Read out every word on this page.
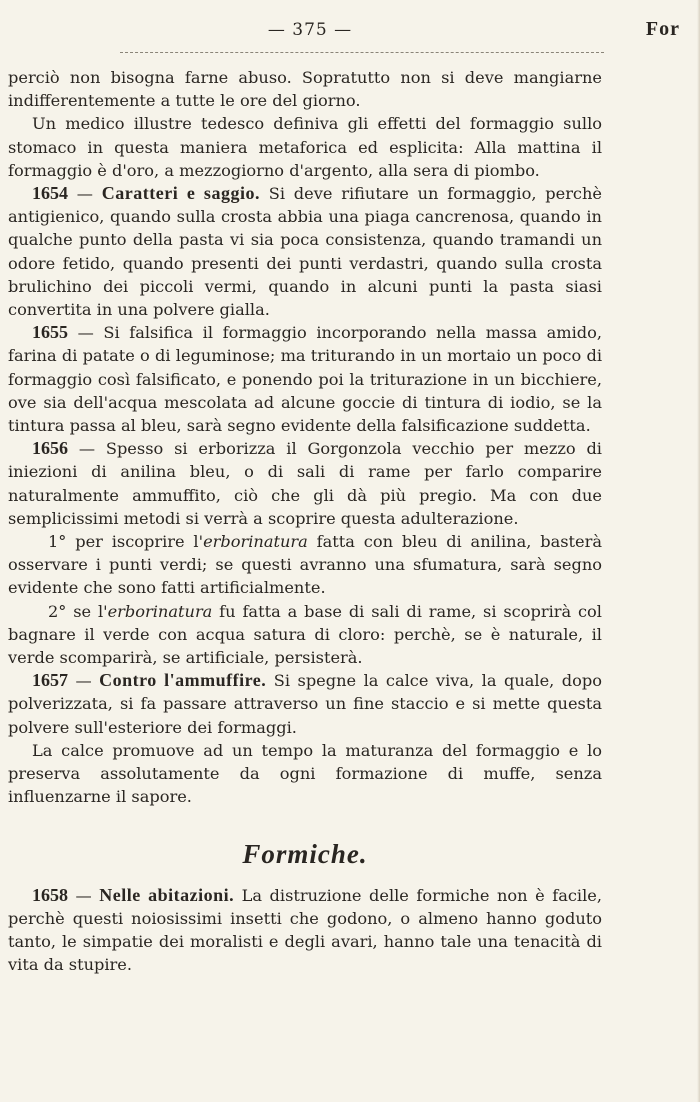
— 375 —	For

perciò non bisogna farne abuso. Sopratutto non si deve mangiarne indifferentemente a tutte le ore del giorno.

Un medico illustre tedesco definiva gli effetti del formaggio sullo stomaco in questa maniera metaforica ed esplicita: Alla mattina il formaggio è d'oro, a mezzogiorno d'argento, alla sera di piombo.

1654 — Caratteri e saggio. Si deve rifiutare un formaggio, perchè antigienico, quando sulla crosta abbia una piaga cancrenosa, quando in qualche punto della pasta vi sia poca consistenza, quando tramandi un odore fetido, quando presenti dei punti verdastri, quando sulla crosta brulichino dei piccoli vermi, quando in alcuni punti la pasta siasi convertita in una polvere gialla.

1655 — Si falsifica il formaggio incorporando nella massa amido, farina di patate o di leguminose; ma triturando in un mortaio un poco di formaggio così falsificato, e ponendo poi la triturazione in un bicchiere, ove sia dell'acqua mescolata ad alcune goccie di tintura di iodio, se la tintura passa al bleu, sarà segno evidente della falsificazione suddetta.

1656 — Spesso si erborizza il Gorgonzola vecchio per mezzo di iniezioni di anilina bleu, o di sali di rame per farlo comparire naturalmente ammuffito, ciò che gli dà più pregio. Ma con due semplicissimi metodi si verrà a scoprire questa adulterazione.

1° per iscoprire l'erborinatura fatta con bleu di anilina, basterà osservare i punti verdi; se questi avranno una sfumatura, sarà segno evidente che sono fatti artificialmente.

2° se l'erborinatura fu fatta a base di sali di rame, si scoprirà col bagnare il verde con acqua satura di cloro: perchè, se è naturale, il verde scomparirà, se artificiale, persisterà.

1657 — Contro l'ammuffire. Si spegne la calce viva, la quale, dopo polverizzata, si fa passare attraverso un fine staccio e si mette questa polvere sull'esteriore dei formaggi.

La calce promuove ad un tempo la maturanza del formaggio e lo preserva assolutamente da ogni formazione di muffe, senza influenzarne il sapore.

Formiche.

1658 — Nelle abitazioni. La distruzione delle formiche non è facile, perchè questi noiosissimi insetti che godono, o almeno hanno goduto tanto, le simpatie dei moralisti e degli avari, hanno tale una tenacità di vita da stupire.
